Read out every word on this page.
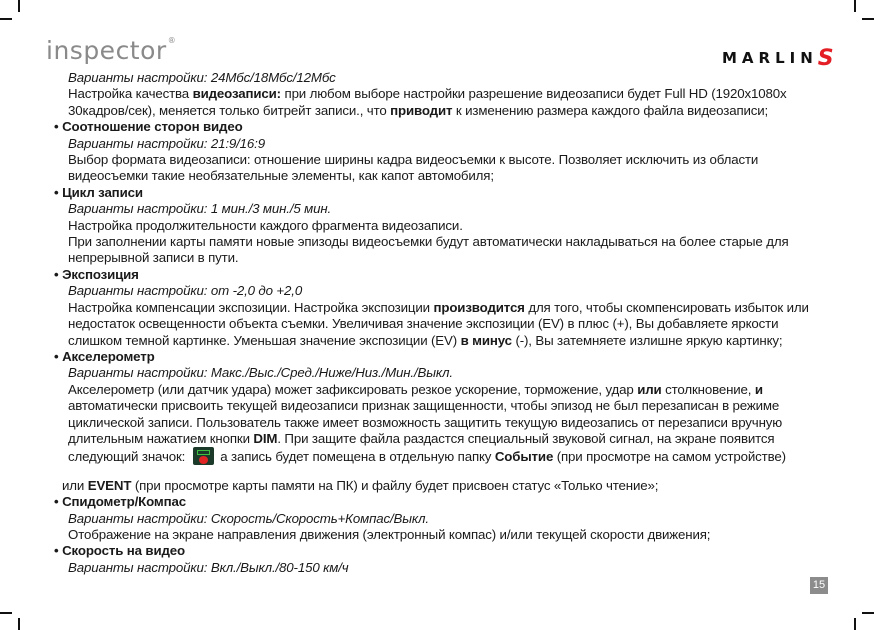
inspector®
MARLINS

Варианты настройки: 24Мбс/18Мбс/12Мбс

Настройка качества видеозаписи: при любом выборе настройки разрешение видеозаписи будет Full HD (1920x1080x 30кадров/сек), меняется только битрейт записи., что приводит к изменению размера каждого файла видеозаписи;

• Соотношение сторон видео

Варианты настройки: 21:9/16:9

Выбор формата видеозаписи: отношение ширины кадра видеосъемки к высоте. Позволяет исключить из области видеосъемки такие необязательные элементы, как капот автомобиля;

• Цикл записи

Варианты настройки: 1 мин./3 мин./5 мин.

Настройка продолжительности каждого фрагмента видеозаписи.

При заполнении карты памяти новые эпизоды видеосъемки будут автоматически накладываться на более старые для непрерывной записи в пути.

• Экспозиция

Варианты настройки: от -2,0 до +2,0

Настройка компенсации экспозиции. Настройка экспозиции производится для того, чтобы скомпенсировать избыток или недостаток освещенности объекта съемки. Увеличивая значение экспозиции (EV) в плюс (+), Вы добавляете яркости слишком темной картинке. Уменьшая значение экспозиции (EV) в минус (-), Вы затемняете излишне яркую картинку;

• Акселерометр

Варианты настройки: Макс./Выс./Сред./Ниже/Низ./Мин./Выкл.

Акселерометр (или датчик удара) может зафиксировать резкое ускорение, торможение, удар или столкновение, и автоматически присвоить текущей видеозаписи признак защищенности, чтобы эпизод не был перезаписан в режиме циклической записи. Пользователь также имеет возможность защитить текущую видеозапись от перезаписи вручную длительным нажатием кнопки DIM. При защите файла раздастся специальный звуковой сигнал, на экране появится следующий значок:	а запись будет помещена в отдельную папку Событие (при просмотре на самом устройстве)

или EVENT (при просмотре карты памяти на ПК) и файлу будет присвоен статус «Только чтение»;

• Спидометр/Компас

Варианты настройки: Скорость/Скорость+Компас/Выкл.

Отображение на экране направления движения (электронный компас) и/или текущей скорости движения;

• Скорость на видео

Варианты настройки: Вкл./Выкл./80-150 км/ч

15
